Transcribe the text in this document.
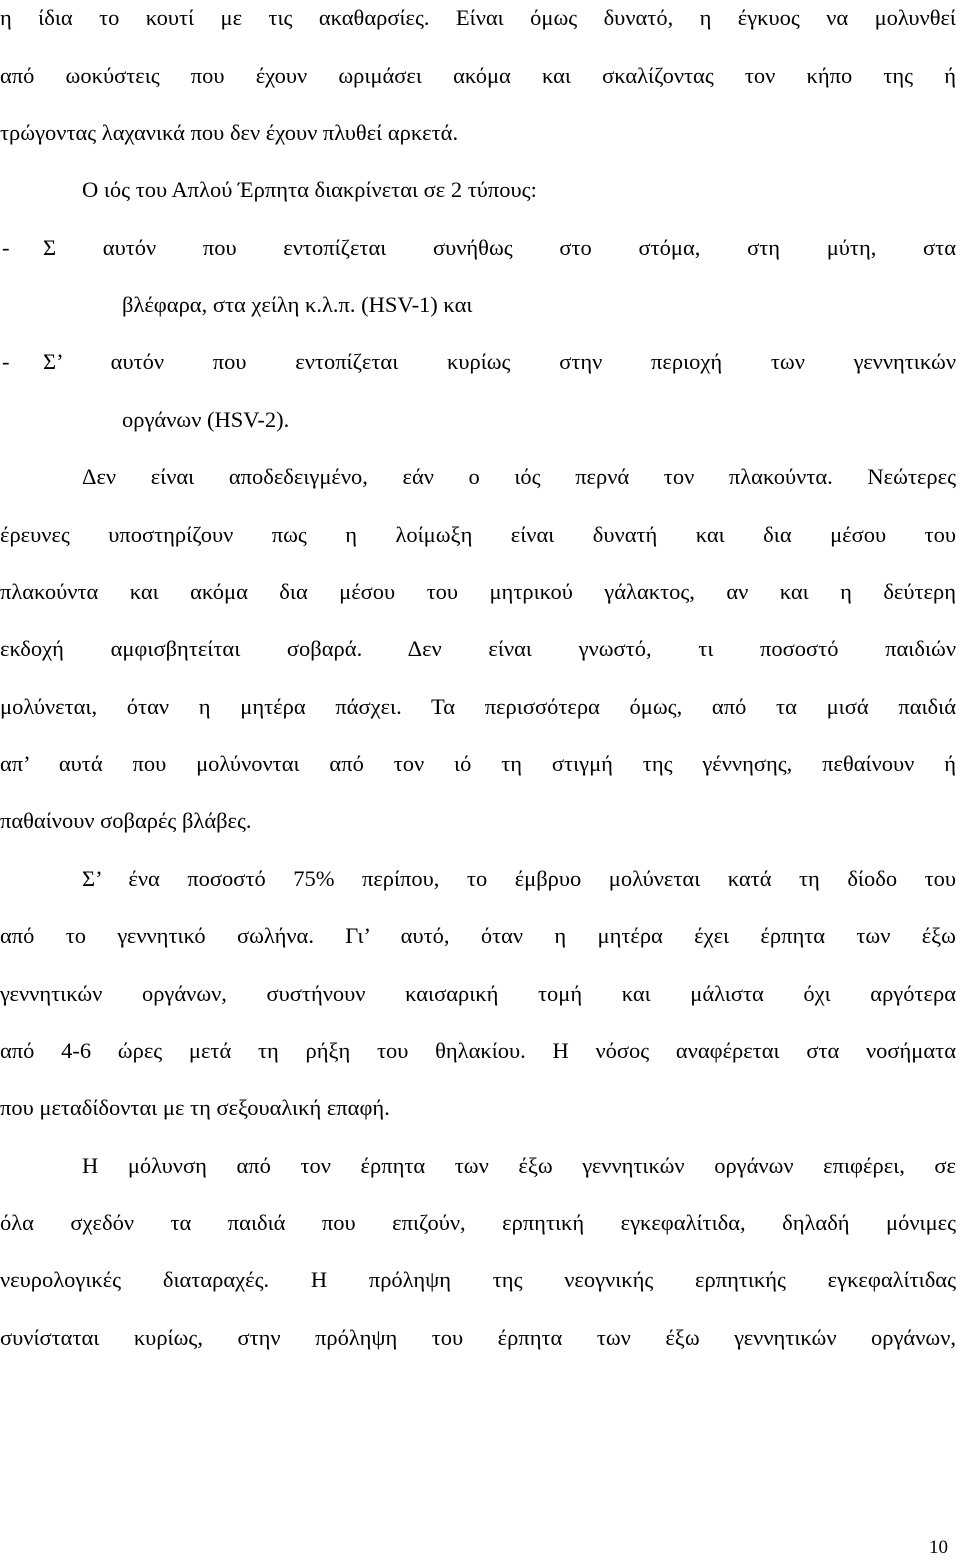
η ίδια το κουτί με τις ακαθαρσίες. Είναι όμως δυνατό, η έγκυος να μολυνθεί
από ωοκύστεις που έχουν ωριμάσει ακόμα και σκαλίζοντας τον κήπο της ή
τρώγοντας λαχανικά που δεν έχουν πλυθεί αρκετά.
Ο ιός του Απλού Έρπητα διακρίνεται σε 2 τύπους:
- Σ αυτόν που εντοπίζεται συνήθως στο στόμα, στη μύτη, στα
βλέφαρα, στα χείλη κ.λ.π. (HSV-1) και
- Σ’ αυτόν που εντοπίζεται κυρίως στην περιοχή των γεννητικών
οργάνων (HSV-2).
Δεν είναι αποδεδειγμένο, εάν ο ιός περνά τον πλακούντα. Νεώτερες
έρευνες υποστηρίζουν πως η λοίμωξη είναι δυνατή και δια μέσου του
πλακούντα και ακόμα δια μέσου του μητρικού γάλακτος, αν και η δεύτερη
εκδοχή αμφισβητείται σοβαρά. Δεν είναι γνωστό, τι ποσοστό παιδιών
μολύνεται, όταν η μητέρα πάσχει. Τα περισσότερα όμως, από τα μισά παιδιά
απ’ αυτά που μολύνονται από τον ιό τη στιγμή της γέννησης, πεθαίνουν ή
παθαίνουν σοβαρές βλάβες.
Σ’ ένα ποσοστό 75% περίπου, το έμβρυο μολύνεται κατά τη δίοδο του
από το γεννητικό σωλήνα. Γι’ αυτό, όταν η μητέρα έχει έρπητα των έξω
γεννητικών οργάνων, συστήνουν καισαρική τομή και μάλιστα όχι αργότερα
από 4-6 ώρες μετά τη ρήξη του θηλακίου. Η νόσος αναφέρεται στα νοσήματα
που μεταδίδονται με τη σεξουαλική επαφή.
Η μόλυνση από τον έρπητα των έξω γεννητικών οργάνων επιφέρει, σε
όλα σχεδόν τα παιδιά που επιζούν, ερπητική εγκεφαλίτιδα, δηλαδή μόνιμες
νευρολογικές διαταραχές. Η πρόληψη της νεογνικής ερπητικής εγκεφαλίτιδας
συνίσταται κυρίως, στην πρόληψη του έρπητα των έξω γεννητικών οργάνων,
10
